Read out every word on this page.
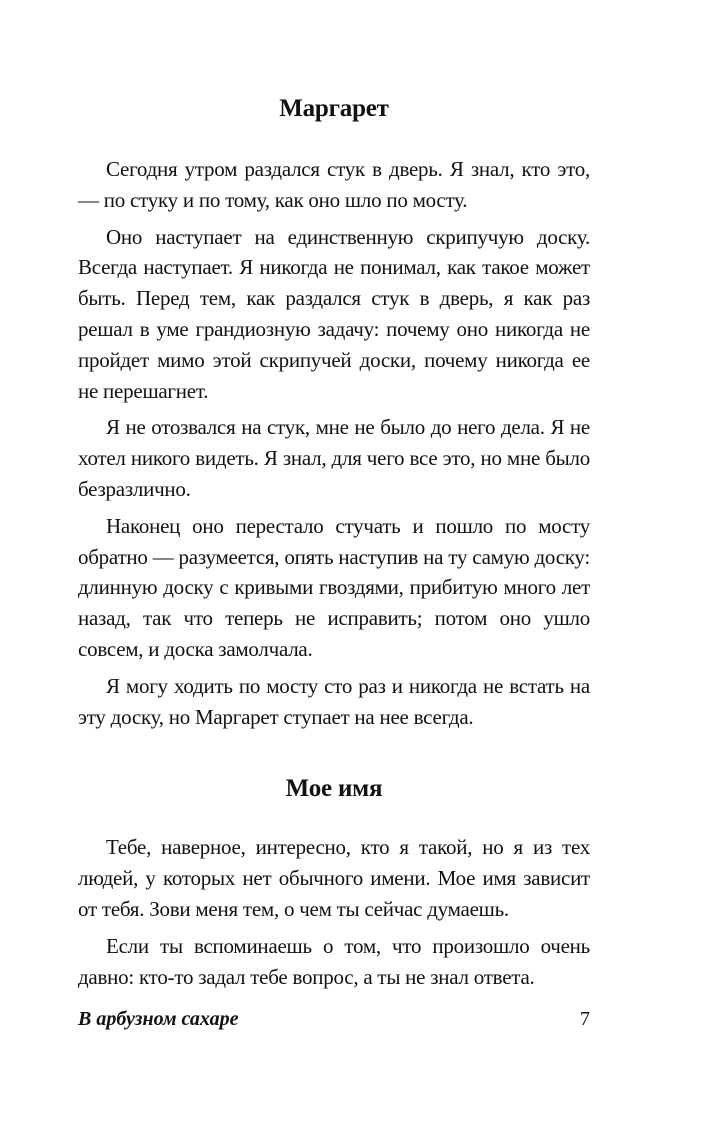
Маргарет

Сегодня утром раздался стук в дверь. Я знал, кто это, — по стуку и по тому, как оно шло по мосту.

Оно наступает на единственную скрипучую доску. Всегда наступает. Я никогда не понимал, как такое может быть. Перед тем, как раздался стук в дверь, я как раз решал в уме грандиозную задачу: почему оно никогда не пройдет мимо этой скрипучей доски, почему никогда ее не перешагнет.

Я не отозвался на стук, мне не было до него дела. Я не хотел никого видеть. Я знал, для чего все это, но мне было безразлично.

Наконец оно перестало стучать и пошло по мосту обратно — разумеется, опять наступив на ту самую доску: длинную доску с кривыми гвоздями, прибитую много лет назад, так что теперь не исправить; потом оно ушло совсем, и доска замолчала.

Я могу ходить по мосту сто раз и никогда не встать на эту доску, но Маргарет ступает на нее всегда.

Мое имя

Тебе, наверное, интересно, кто я такой, но я из тех людей, у которых нет обычного имени. Мое имя зависит от тебя. Зови меня тем, о чем ты сейчас думаешь.

Если ты вспоминаешь о том, что произошло очень давно: кто-то задал тебе вопрос, а ты не знал ответа.

В арбузном сахаре	7
